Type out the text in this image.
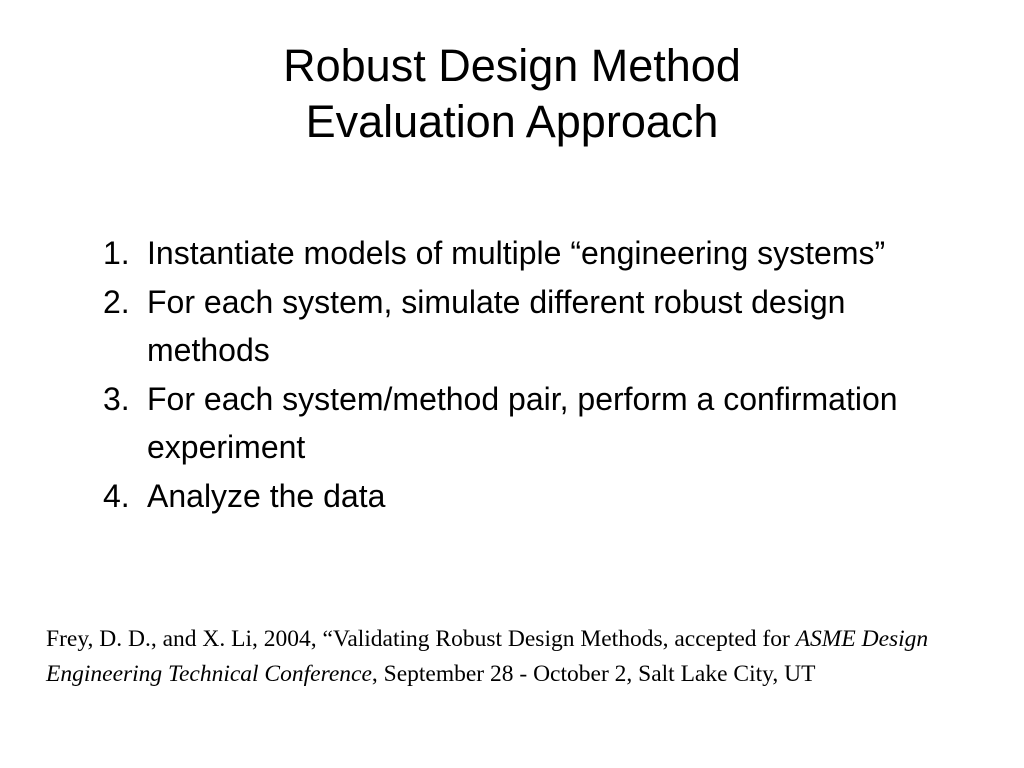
Robust Design Method
Evaluation Approach
1. Instantiate models of multiple “engineering systems”
2. For each system, simulate different robust design methods
3. For each system/method pair, perform a confirmation experiment
4. Analyze the data

Frey, D. D., and X. Li, 2004, “Validating Robust Design Methods, accepted for ASME Design Engineering Technical Conference, September 28 - October 2, Salt Lake City, UT
